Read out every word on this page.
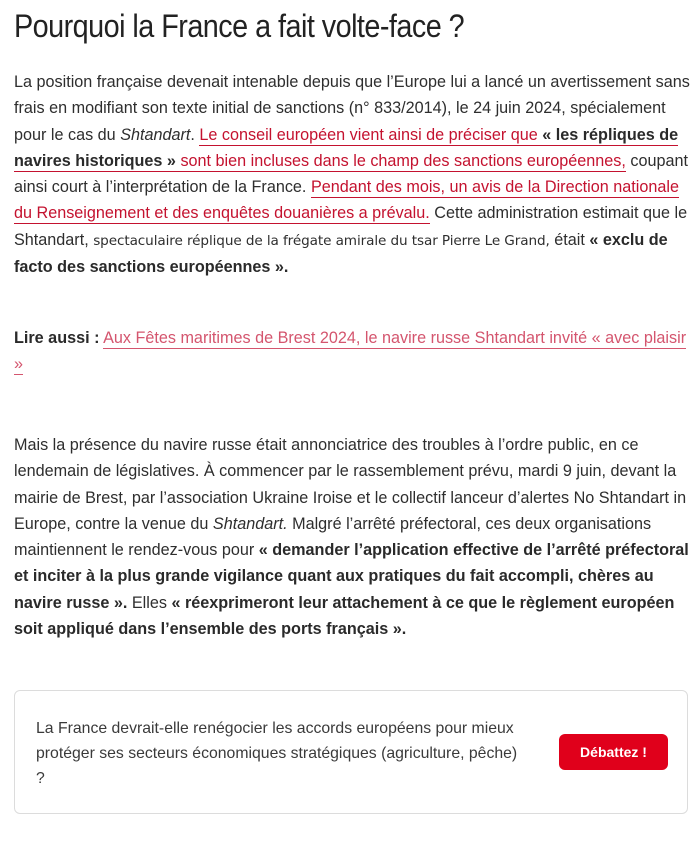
Pourquoi la France a fait volte-face ?

La position française devenait intenable depuis que l’Europe lui a lancé un avertissement sans frais en modifiant son texte initial de sanctions (n° 833/2014), le 24 juin 2024, spécialement pour le cas du Shtandart. Le conseil européen vient ainsi de préciser que « les répliques de navires historiques » sont bien incluses dans le champ des sanctions européennes, coupant ainsi court à l’interprétation de la France. Pendant des mois, un avis de la Direction nationale du Renseignement et des enquêtes douanières a prévalu. Cette administration estimait que le Shtandart, spectaculaire réplique de la frégate amirale du tsar Pierre Le Grand, était « exclu de facto des sanctions européennes ».

Lire aussi : Aux Fêtes maritimes de Brest 2024, le navire russe Shtandart invité « avec plaisir »

Mais la présence du navire russe était annonciatrice des troubles à l’ordre public, en ce lendemain de législatives. À commencer par le rassemblement prévu, mardi 9 juin, devant la mairie de Brest, par l’association Ukraine Iroise et le collectif lanceur d’alertes No Shtandart in Europe, contre la venue du Shtandart. Malgré l’arrêté préfectoral, ces deux organisations maintiennent le rendez-vous pour « demander l’application effective de l’arrêté préfectoral et inciter à la plus grande vigilance quant aux pratiques du fait accompli, chères au navire russe ». Elles « réexprimeront leur attachement à ce que le règlement européen soit appliqué dans l’ensemble des ports français ».

La France devrait-elle renégocier les accords européens pour mieux protéger ses secteurs économiques stratégiques (agriculture, pêche) ?

Débattez !
